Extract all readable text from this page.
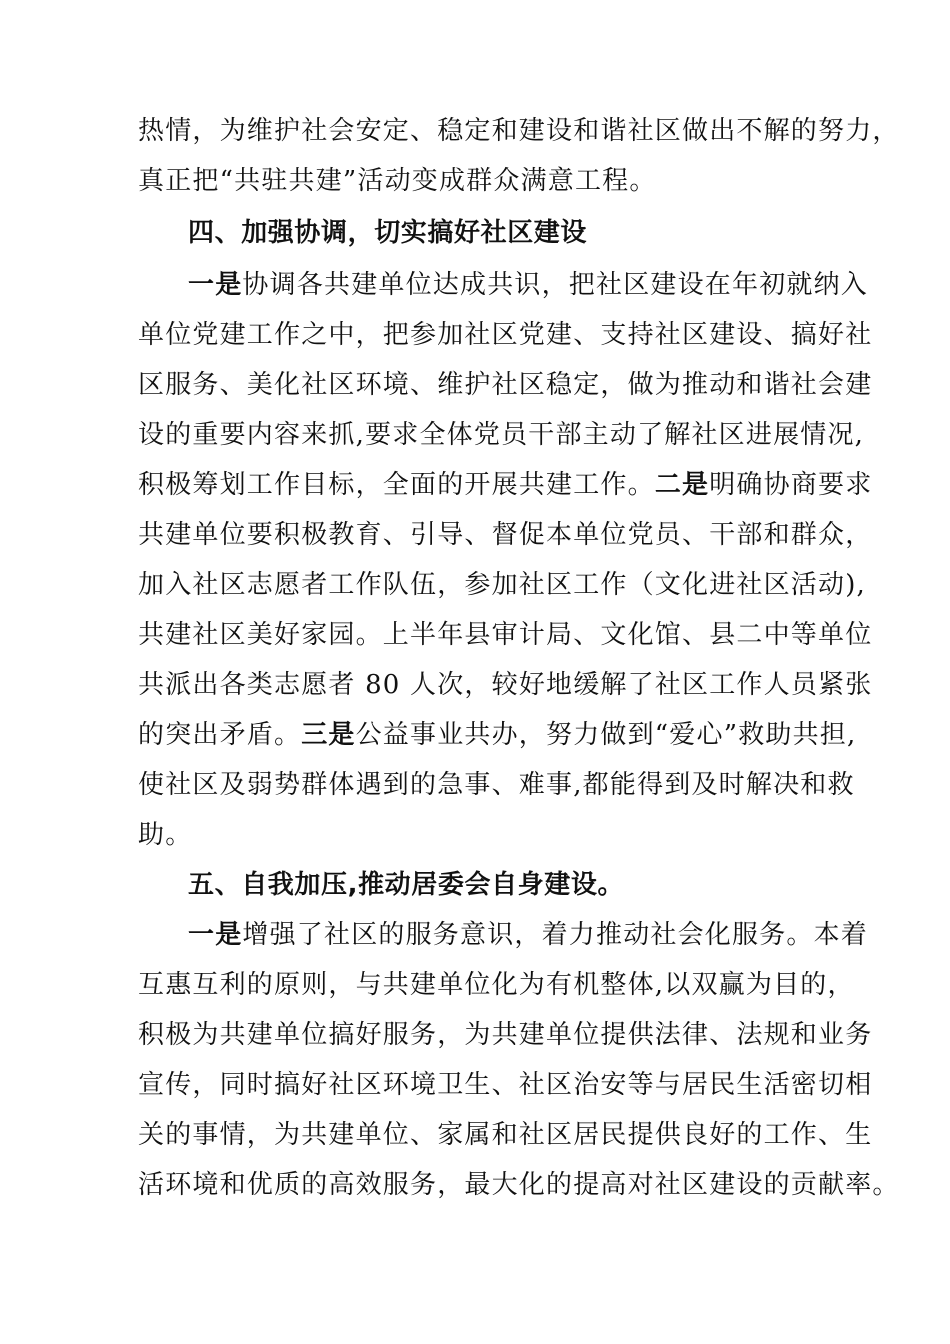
热情，为维护社会安定、稳定和建设和谐社区做出不解的努力，
真正把“共驻共建”活动变成群众满意工程。
四、加强协调，切实搞好社区建设
一是协调各共建单位达成共识，把社区建设在年初就纳入
单位党建工作之中，把参加社区党建、支持社区建设、搞好社
区服务、美化社区环境、维护社区稳定，做为推动和谐社会建
设的重要内容来抓,要求全体党员干部主动了解社区进展情况,
积极筹划工作目标，全面的开展共建工作。二是明确协商要求
共建单位要积极教育、引导、督促本单位党员、干部和群众，
加入社区志愿者工作队伍，参加社区工作（文化进社区活动),
共建社区美好家园。上半年县审计局、文化馆、县二中等单位
共派出各类志愿者 80 人次，较好地缓解了社区工作人员紧张
的突出矛盾。三是公益事业共办，努力做到“爱心”救助共担,
使社区及弱势群体遇到的急事、难事,都能得到及时解决和救
助。
五、自我加压,推动居委会自身建设。
一是增强了社区的服务意识，着力推动社会化服务。本着
互惠互利的原则，与共建单位化为有机整体,以双赢为目的，
积极为共建单位搞好服务，为共建单位提供法律、法规和业务
宣传，同时搞好社区环境卫生、社区治安等与居民生活密切相
关的事情，为共建单位、家属和社区居民提供良好的工作、生
活环境和优质的高效服务，最大化的提高对社区建设的贡献率。
